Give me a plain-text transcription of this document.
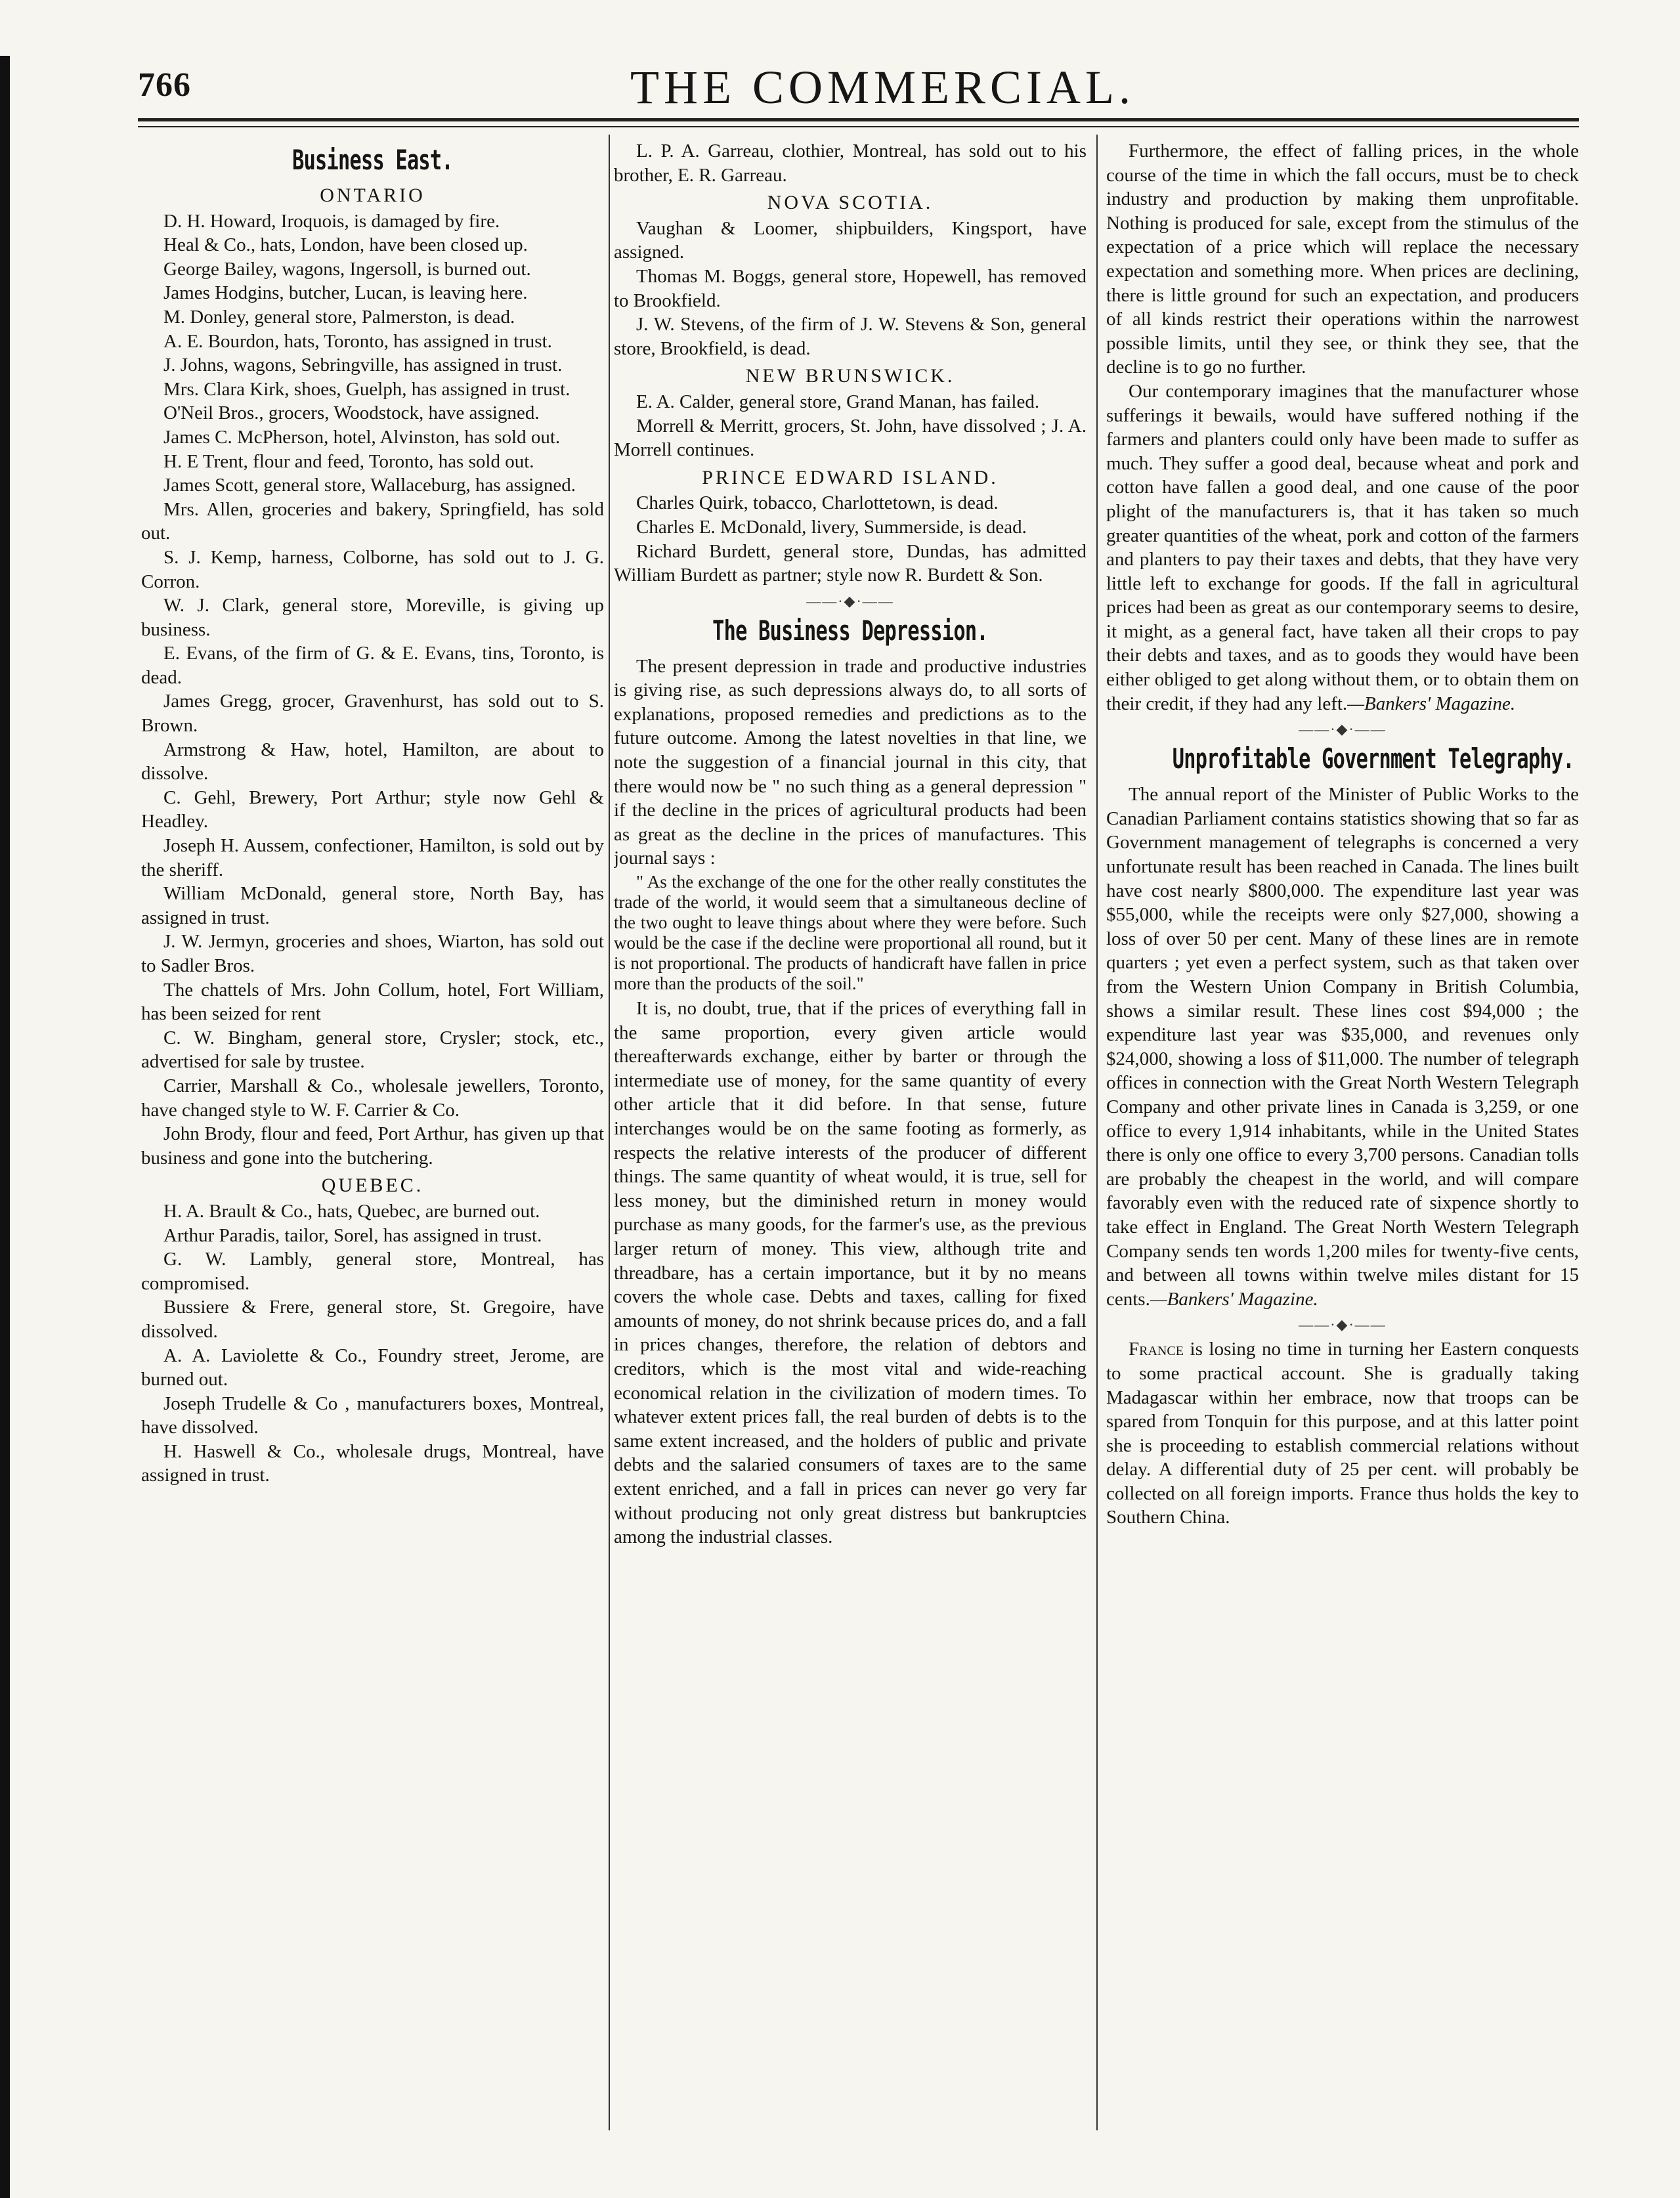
766	THE COMMERCIAL.
Business East.
ONTARIO

D. H. Howard, Iroquois, is damaged by fire.

Heal & Co., hats, London, have been closed up.

George Bailey, wagons, Ingersoll, is burned out.

James Hodgins, butcher, Lucan, is leaving here.

M. Donley, general store, Palmerston, is dead.

A. E. Bourdon, hats, Toronto, has assigned in trust.

J. Johns, wagons, Sebringville, has assigned in trust.

Mrs. Clara Kirk, shoes, Guelph, has assigned in trust.

O'Neil Bros., grocers, Woodstock, have assigned.

James C. McPherson, hotel, Alvinston, has sold out.

H. E Trent, flour and feed, Toronto, has sold out.

James Scott, general store, Wallaceburg, has assigned.

Mrs. Allen, groceries and bakery, Springfield, has sold out.

S. J. Kemp, harness, Colborne, has sold out to J. G. Corron.

W. J. Clark, general store, Moreville, is giving up business.

E. Evans, of the firm of G. & E. Evans, tins, Toronto, is dead.

James Gregg, grocer, Gravenhurst, has sold out to S. Brown.

Armstrong & Haw, hotel, Hamilton, are about to dissolve.

C. Gehl, Brewery, Port Arthur; style now Gehl & Headley.

Joseph H. Aussem, confectioner, Hamilton, is sold out by the sheriff.

William McDonald, general store, North Bay, has assigned in trust.

J. W. Jermyn, groceries and shoes, Wiarton, has sold out to Sadler Bros.

The chattels of Mrs. John Collum, hotel, Fort William, has been seized for rent

C. W. Bingham, general store, Crysler; stock, etc., advertised for sale by trustee.

Carrier, Marshall & Co., wholesale jewellers, Toronto, have changed style to W. F. Carrier & Co.

John Brody, flour and feed, Port Arthur, has given up that business and gone into the butchering.

QUEBEC.

H. A. Brault & Co., hats, Quebec, are burned out.

Arthur Paradis, tailor, Sorel, has assigned in trust.

G. W. Lambly, general store, Montreal, has compromised.

Bussiere & Frere, general store, St. Gregoire, have dissolved.

A. A. Laviolette & Co., Foundry street, Jerome, are burned out.

Joseph Trudelle & Co , manufacturers boxes, Montreal, have dissolved.

H. Haswell & Co., wholesale drugs, Montreal, have assigned in trust.

L. P. A. Garreau, clothier, Montreal, has sold out to his brother, E. R. Garreau.

NOVA SCOTIA.

Vaughan & Loomer, shipbuilders, Kingsport, have assigned.

Thomas M. Boggs, general store, Hopewell, has removed to Brookfield.

J. W. Stevens, of the firm of J. W. Stevens & Son, general store, Brookfield, is dead.

NEW BRUNSWICK.

E. A. Calder, general store, Grand Manan, has failed.

Morrell & Merritt, grocers, St. John, have dissolved ; J. A. Morrell continues.

PRINCE EDWARD ISLAND.

Charles Quirk, tobacco, Charlottetown, is dead.

Charles E. McDonald, livery, Summerside, is dead.

Richard Burdett, general store, Dundas, has admitted William Burdett as partner; style now R. Burdett & Son.

——·◆·——
The Business Depression.

The present depression in trade and productive industries is giving rise, as such depressions always do, to all sorts of explanations, proposed remedies and predictions as to the future outcome. Among the latest novelties in that line, we note the suggestion of a financial journal in this city, that there would now be " no such thing as a general depression " if the decline in the prices of agricultural products had been as great as the decline in the prices of manufactures. This journal says :

" As the exchange of the one for the other really constitutes the trade of the world, it would seem that a simultaneous decline of the two ought to leave things about where they were before. Such would be the case if the decline were proportional all round, but it is not proportional. The products of handicraft have fallen in price more than the products of the soil."

It is, no doubt, true, that if the prices of everything fall in the same proportion, every given article would thereafterwards exchange, either by barter or through the intermediate use of money, for the same quantity of every other article that it did before. In that sense, future interchanges would be on the same footing as formerly, as respects the relative interests of the producer of different things. The same quantity of wheat would, it is true, sell for less money, but the diminished return in money would purchase as many goods, for the farmer's use, as the previous larger return of money. This view, although trite and threadbare, has a certain importance, but it by no means covers the whole case. Debts and taxes, calling for fixed amounts of money, do not shrink because prices do, and a fall in prices changes, therefore, the relation of debtors and creditors, which is the most vital and wide-reaching economical relation in the civilization of modern times. To whatever extent prices fall, the real burden of debts is to the same extent increased, and the holders of public and private debts and the salaried consumers of taxes are to the same extent enriched, and a fall in prices can never go very far without producing not only great distress but bankruptcies among the industrial classes.

Furthermore, the effect of falling prices, in the whole course of the time in which the fall occurs, must be to check industry and production by making them unprofitable. Nothing is produced for sale, except from the stimulus of the expectation of a price which will replace the necessary expectation and something more. When prices are declining, there is little ground for such an expectation, and producers of all kinds restrict their operations within the narrowest possible limits, until they see, or think they see, that the decline is to go no further.

Our contemporary imagines that the manufacturer whose sufferings it bewails, would have suffered nothing if the farmers and planters could only have been made to suffer as much. They suffer a good deal, because wheat and pork and cotton have fallen a good deal, and one cause of the poor plight of the manufacturers is, that it has taken so much greater quantities of the wheat, pork and cotton of the farmers and planters to pay their taxes and debts, that they have very little left to exchange for goods. If the fall in agricultural prices had been as great as our contemporary seems to desire, it might, as a general fact, have taken all their crops to pay their debts and taxes, and as to goods they would have been either obliged to get along without them, or to obtain them on their credit, if they had any left.—Bankers' Magazine.

——·◆·——
Unprofitable Government Telegraphy.

The annual report of the Minister of Public Works to the Canadian Parliament contains statistics showing that so far as Government management of telegraphs is concerned a very unfortunate result has been reached in Canada. The lines built have cost nearly $800,000. The expenditure last year was $55,000, while the receipts were only $27,000, showing a loss of over 50 per cent. Many of these lines are in remote quarters ; yet even a perfect system, such as that taken over from the Western Union Company in British Columbia, shows a similar result. These lines cost $94,000 ; the expenditure last year was $35,000, and revenues only $24,000, showing a loss of $11,000. The number of telegraph offices in connection with the Great North Western Telegraph Company and other private lines in Canada is 3,259, or one office to every 1,914 inhabitants, while in the United States there is only one office to every 3,700 persons. Canadian tolls are probably the cheapest in the world, and will compare favorably even with the reduced rate of sixpence shortly to take effect in England. The Great North Western Telegraph Company sends ten words 1,200 miles for twenty-five cents, and between all towns within twelve miles distant for 15 cents.—Bankers' Magazine.

——·◆·——

France is losing no time in turning her Eastern conquests to some practical account. She is gradually taking Madagascar within her embrace, now that troops can be spared from Tonquin for this purpose, and at this latter point she is proceeding to establish commercial relations without delay. A differential duty of 25 per cent. will probably be collected on all foreign imports. France thus holds the key to Southern China.
